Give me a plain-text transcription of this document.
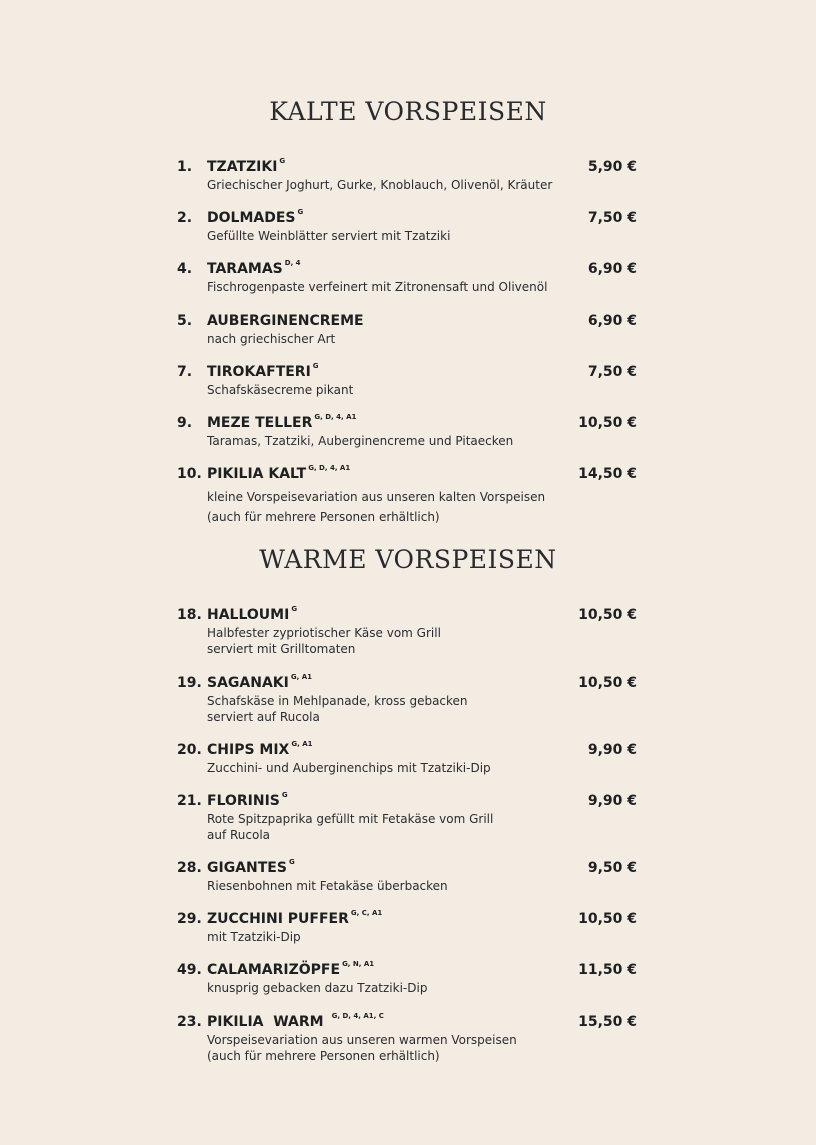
KALTE VORSPEISEN
1. TZATZIKI $^G$	5,90 €
Griechischer Joghurt, Gurke, Knoblauch, Olivenöl, Kräuter
2. DOLMADES $^G$	7,50 €
Gefüllte Weinblätter serviert mit Tzatziki
4. TARAMAS $^{D, 4}$	6,90 €
Fischrogenpaste verfeinert mit Zitronensaft und Olivenöl
5. AUBERGINENCREME	6,90 €
nach griechischer Art
7. TIROKAFTERI $^G$	7,50 €
Schafskäsecreme pikant
9. MEZE TELLER $^{G, D, 4, A1}$	10,50 €
Taramas, Tzatziki, Auberginencreme und Pitaecken
10. PIKILIA KALT $^{G, D, 4, A1}$	14,50 €
kleine Vorspeisevariation aus unseren kalten Vorspeisen
(auch für mehrere Personen erhältlich)
WARME VORSPEISEN
18. HALLOUMI $^G$	10,50 €
Halbfester zypriotischer Käse vom Grill
serviert mit Grilltomaten
19. SAGANAKI $^{G, A1}$	10,50 €
Schafskäse in Mehlpanade, kross gebacken
serviert auf Rucola
20. CHIPS MIX $^{G, A1}$	9,90 €
Zucchini- und Auberginenchips mit Tzatziki-Dip
21. FLORINIS $^G$	9,90 €
Rote Spitzpaprika gefüllt mit Fetakäse vom Grill
auf Rucola
28. GIGANTES $^G$	9,50 €
Riesenbohnen mit Fetakäse überbacken
29. ZUCCHINI PUFFER $^{G, C, A1}$	10,50 €
mit Tzatziki-Dip
49. CALAMARIZÖPFE $^{G, N, A1}$	11,50 €
knusprig gebacken dazu Tzatziki-Dip
23. PIKILIA  WARM $^{G, D, 4, A1, C}$	15,50 €
Vorspeisevariation aus unseren warmen Vorspeisen
(auch für mehrere Personen erhältlich)
